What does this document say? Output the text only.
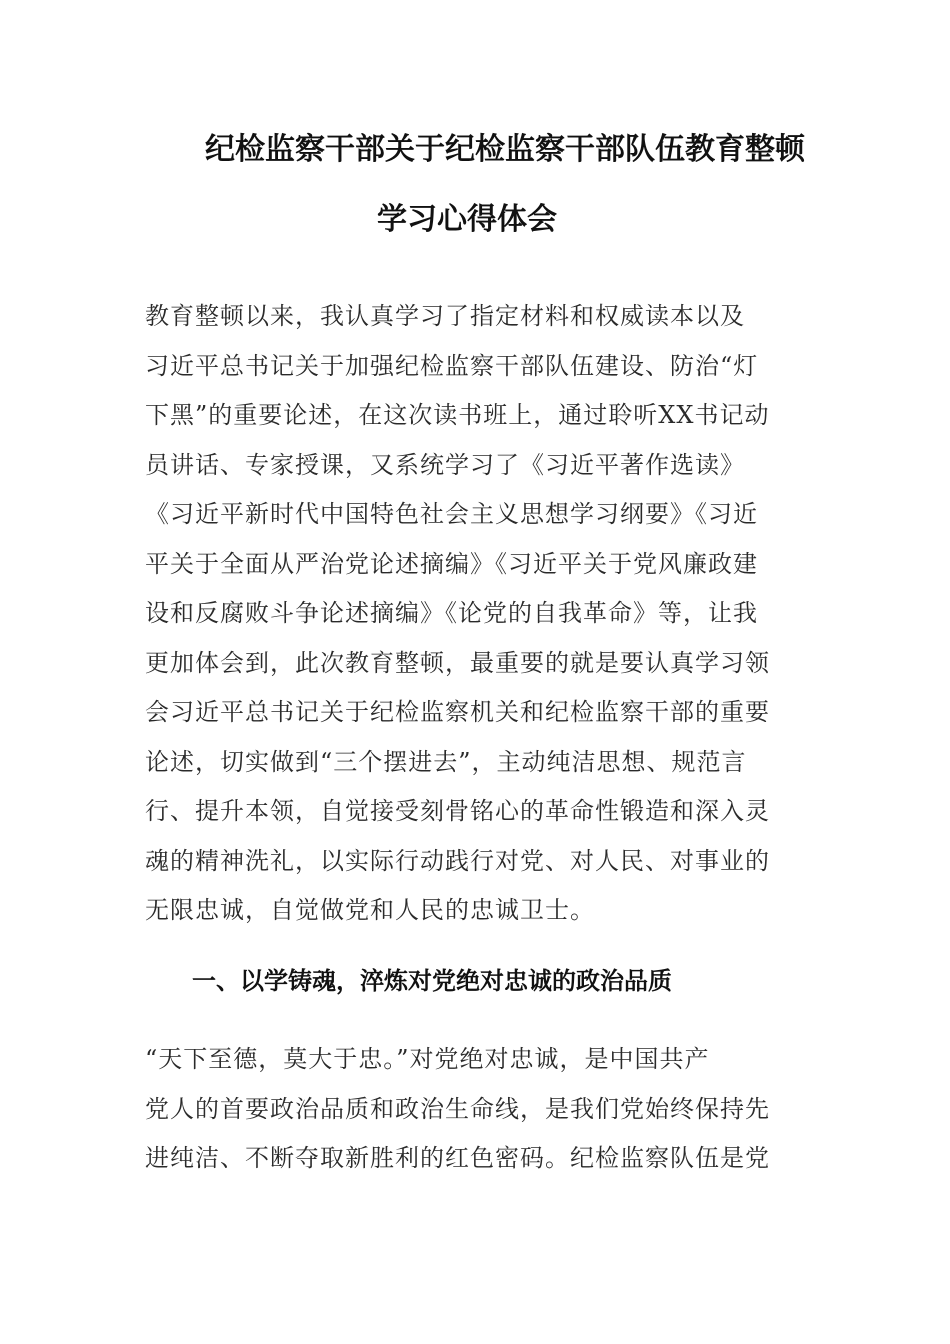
纪检监察干部关于纪检监察干部队伍教育整顿
学习心得体会
教育整顿以来，我认真学习了指定材料和权威读本以及
习近平总书记关于加强纪检监察干部队伍建设、防治“灯
下黑”的重要论述，在这次读书班上，通过聆听XX书记动
员讲话、专家授课，又系统学习了《习近平著作选读》
《习近平新时代中国特色社会主义思想学习纲要》《习近
平关于全面从严治党论述摘编》《习近平关于党风廉政建
设和反腐败斗争论述摘编》《论党的自我革命》等，让我
更加体会到，此次教育整顿，最重要的就是要认真学习领
会习近平总书记关于纪检监察机关和纪检监察干部的重要
论述，切实做到“三个摆进去”，主动纯洁思想、规范言
行、提升本领，自觉接受刻骨铭心的革命性锻造和深入灵
魂的精神洗礼，以实际行动践行对党、对人民、对事业的
无限忠诚，自觉做党和人民的忠诚卫士。
一、以学铸魂，淬炼对党绝对忠诚的政治品质
“天下至德，莫大于忠。”对党绝对忠诚，是中国共产
党人的首要政治品质和政治生命线，是我们党始终保持先
进纯洁、不断夺取新胜利的红色密码。纪检监察队伍是党
